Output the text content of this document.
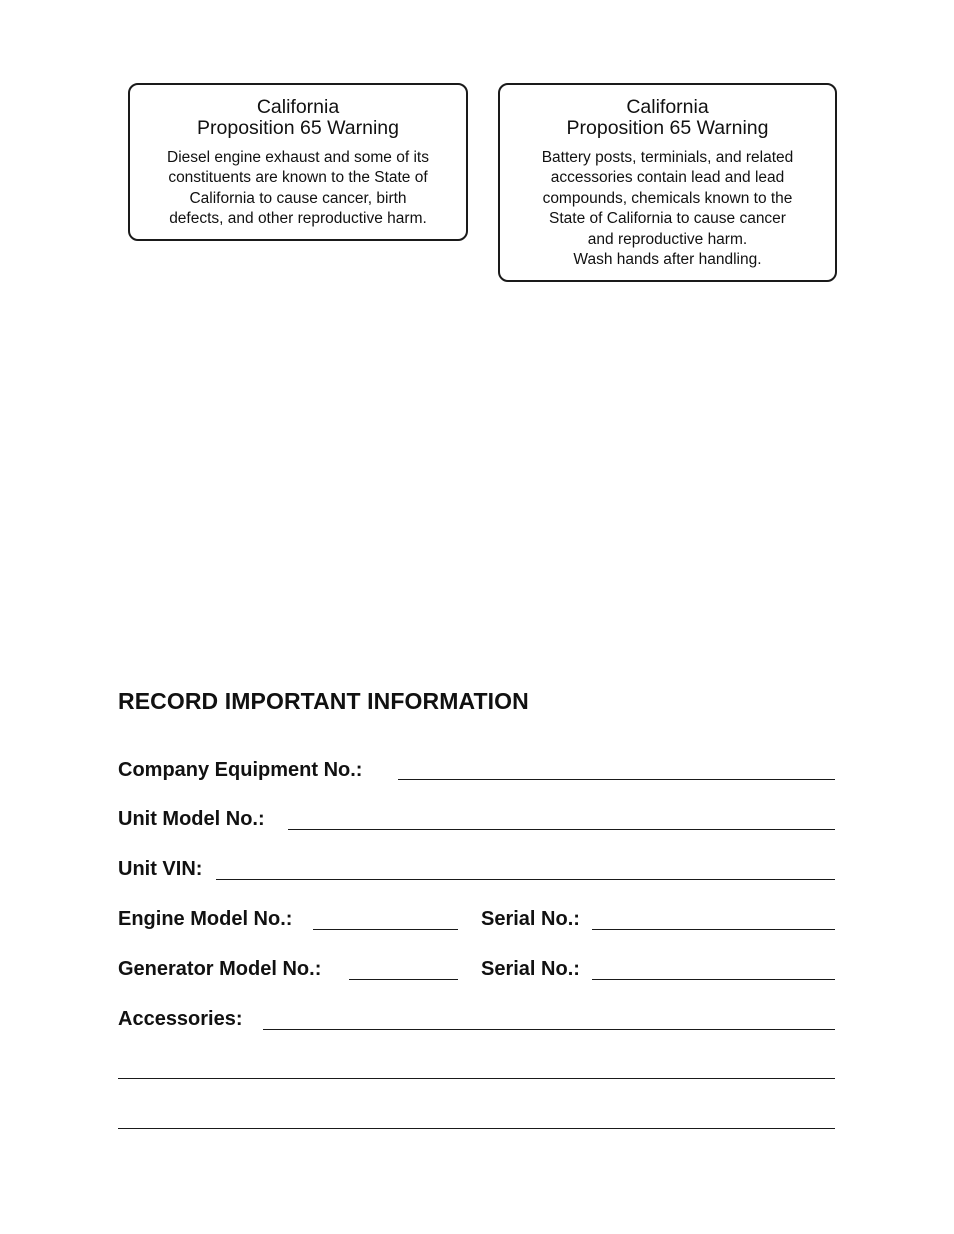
California
Proposition 65 Warning
Diesel engine exhaust and some of its
constituents are known to the State of
California to cause cancer, birth
defects, and other reproductive harm.
California
Proposition 65 Warning
Battery posts, terminials, and related
accessories contain lead and lead
compounds, chemicals known to the
State of California to cause cancer
and reproductive harm.
Wash hands after handling.
RECORD IMPORTANT INFORMATION
Company Equipment No.:
Unit Model No.:
Unit VIN:
Engine Model No.:	Serial No.:
Generator Model No.:	Serial No.:
Accessories:
